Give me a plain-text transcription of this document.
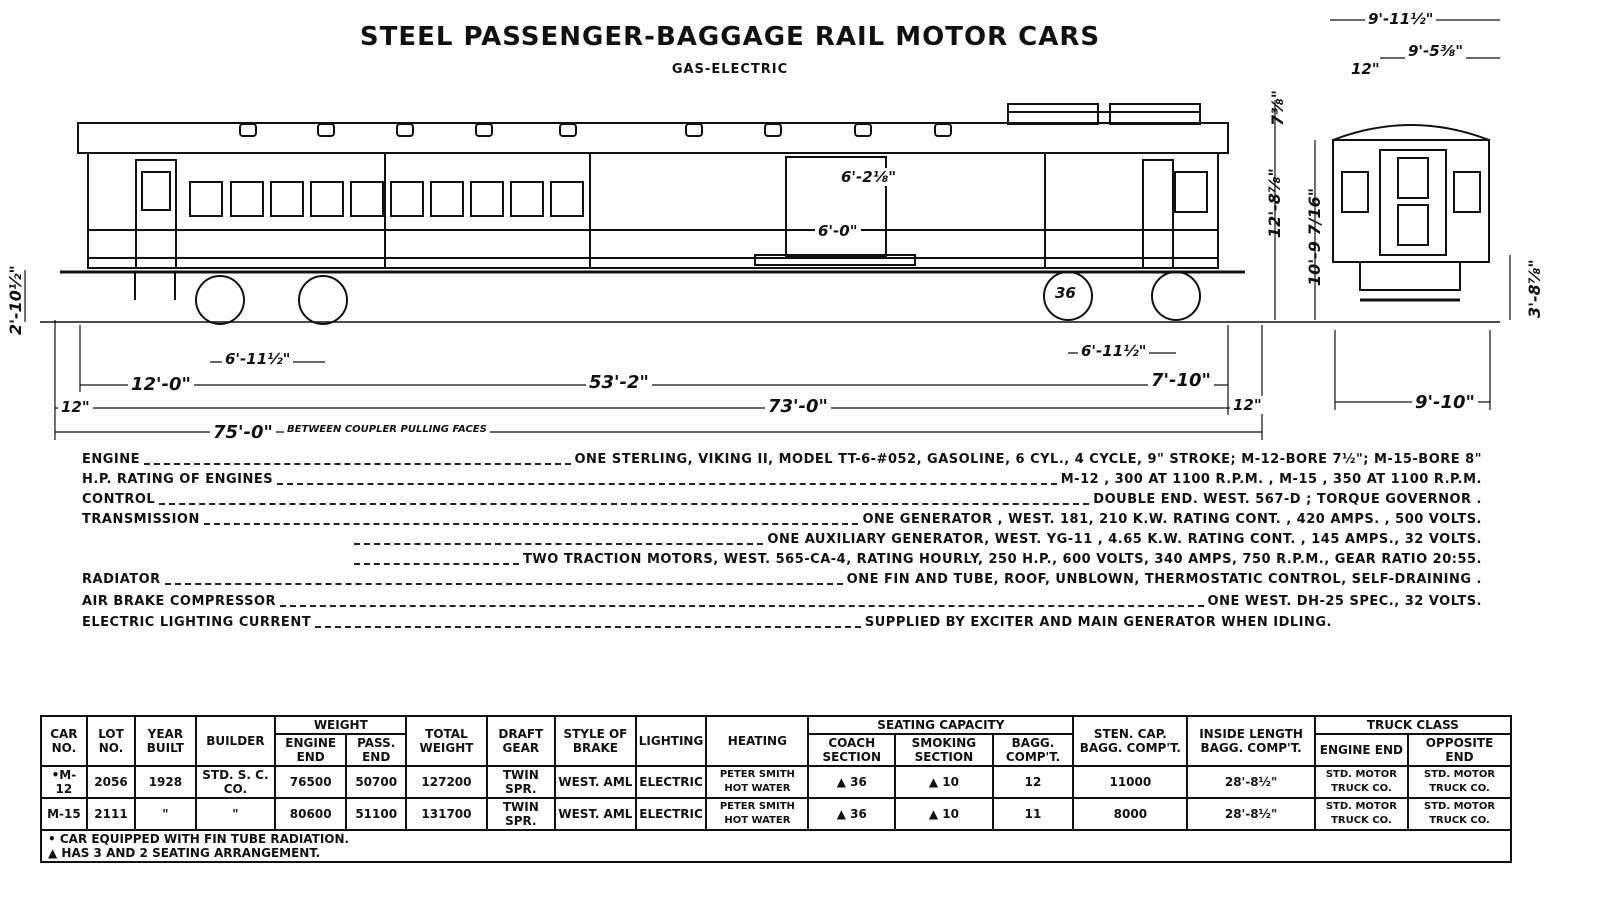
STEEL PASSENGER-BAGGAGE RAIL MOTOR CARS
GAS-ELECTRIC
9'-11½"
9'-5⅜"
12"
7⅜"
12'-8⅞" 10'-9 7/16"
3'-8⅞"
2'-10½"
6'-2⅛"
6'-0"
36
6'-11½"	6'-11½"
12'-0"	53'-2"	7'-10"
12"	73'-0"	12"	9'-10"
75'-0"	BETWEEN COUPLER PULLING FACES
ENGINE	ONE STERLING, VIKING II, MODEL TT-6-#052, GASOLINE, 6 CYL., 4 CYCLE, 9" STROKE; M-12-BORE 7½"; M-15-BORE 8"
H.P. RATING OF ENGINES	M-12 , 300 AT 1100 R.P.M. , M-15 , 350 AT 1100 R.P.M.
CONTROL	DOUBLE END. WEST. 567-D ; TORQUE GOVERNOR .
TRANSMISSION	ONE GENERATOR , WEST. 181, 210 K.W. RATING CONT. , 420 AMPS. , 500 VOLTS.
ONE AUXILIARY GENERATOR, WEST. YG-11 , 4.65 K.W. RATING CONT. , 145 AMPS., 32 VOLTS.
TWO TRACTION MOTORS, WEST. 565-CA-4, RATING HOURLY, 250 H.P., 600 VOLTS, 340 AMPS, 750 R.P.M., GEAR RATIO 20:55.
RADIATOR	ONE FIN AND TUBE, ROOF, UNBLOWN, THERMOSTATIC CONTROL, SELF-DRAINING .
AIR BRAKE COMPRESSOR	ONE WEST. DH-25 SPEC., 32 VOLTS.
ELECTRIC LIGHTING CURRENT	SUPPLIED BY EXCITER AND MAIN GENERATOR WHEN IDLING.
CAR NO.	LOT NO.	YEAR BUILT	BUILDER	WEIGHT		TOTAL WEIGHT	DRAFT GEAR	STYLE OF BRAKE	LIGHTING	HEATING	SEATING CAPACITY			STEN. CAP. BAGG. COMP'T.	INSIDE LENGTH BAGG. COMP'T.	TRUCK CLASS	
				ENGINE END	PASS. END						COACH SECTION	SMOKING SECTION	BAGG. COMP'T.			ENGINE END	OPPOSITE END
•M-12	2056	1928	STD. S. C. CO.	76500	50700	127200	TWIN SPR.	WEST. AML	ELECTRIC	PETER SMITH HOT WATER	▲ 36	▲ 10	12	11000	28'-8½"	STD. MOTOR TRUCK CO.	STD. MOTOR TRUCK CO.
M-15	2111	"	"	80600	51100	131700	TWIN SPR.	WEST. AML	ELECTRIC	PETER SMITH HOT WATER	▲ 36	▲ 10	11	8000	28'-8½"	STD. MOTOR TRUCK CO.	STD. MOTOR TRUCK CO.

• CAR EQUIPPED WITH FIN TUBE RADIATION.
▲ HAS 3 AND 2 SEATING ARRANGEMENT.																	
